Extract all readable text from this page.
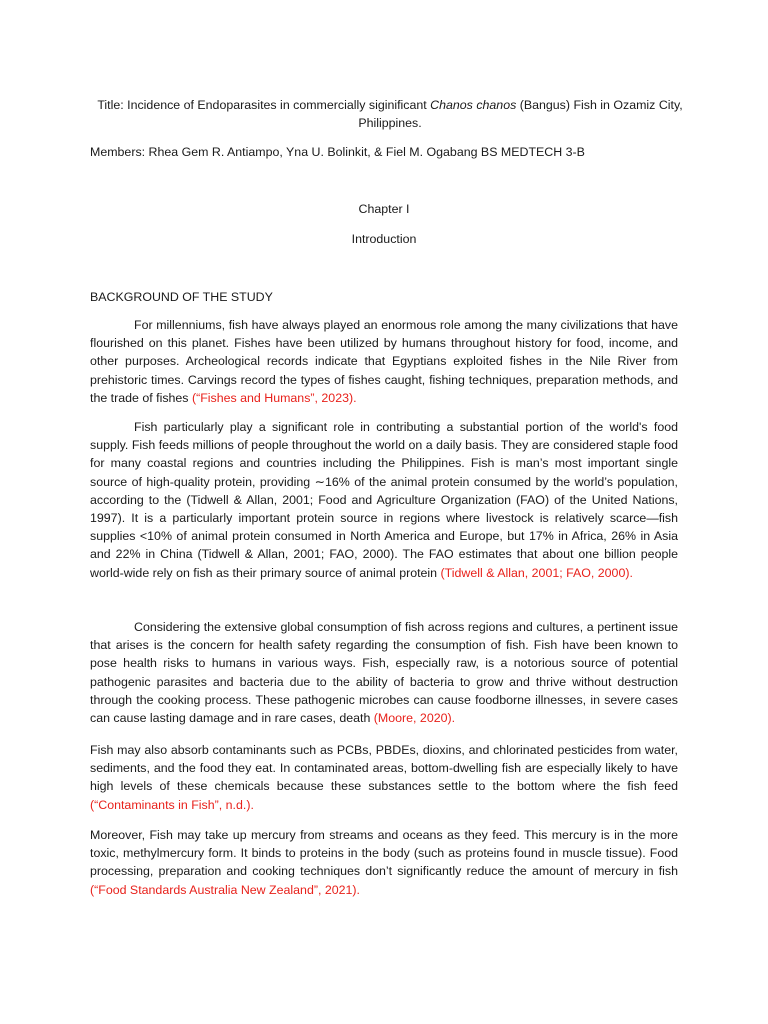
Title: Incidence of Endoparasites in commercially siginificant Chanos chanos (Bangus) Fish in Ozamiz City, Philippines.
Members: Rhea Gem R. Antiampo, Yna U. Bolinkit, & Fiel M. Ogabang BS MEDTECH 3-B
Chapter I
Introduction
BACKGROUND OF THE STUDY

For millenniums, fish have always played an enormous role among the many civilizations that have flourished on this planet. Fishes have been utilized by humans throughout history for food, income, and other purposes. Archeological records indicate that Egyptians exploited fishes in the Nile River from prehistoric times. Carvings record the types of fishes caught, fishing techniques, preparation methods, and the trade of fishes (“Fishes and Humans”, 2023).

Fish particularly play a significant role in contributing a substantial portion of the world's food supply. Fish feeds millions of people throughout the world on a daily basis. They are considered staple food for many coastal regions and countries including the Philippines. Fish is man’s most important single source of high-quality protein, providing ∼16% of the animal protein consumed by the world’s population, according to the (Tidwell & Allan, 2001; Food and Agriculture Organization (FAO) of the United Nations, 1997). It is a particularly important protein source in regions where livestock is relatively scarce—fish supplies <10% of animal protein consumed in North America and Europe, but 17% in Africa, 26% in Asia and 22% in China (Tidwell & Allan, 2001; FAO, 2000). The FAO estimates that about one billion people world-wide rely on fish as their primary source of animal protein (Tidwell & Allan, 2001; FAO, 2000).

Considering the extensive global consumption of fish across regions and cultures, a pertinent issue that arises is the concern for health safety regarding the consumption of fish. Fish have been known to pose health risks to humans in various ways. Fish, especially raw, is a notorious source of potential pathogenic parasites and bacteria due to the ability of bacteria to grow and thrive without destruction through the cooking process. These pathogenic microbes can cause foodborne illnesses, in severe cases can cause lasting damage and in rare cases, death (Moore, 2020).

Fish may also absorb contaminants such as PCBs, PBDEs, dioxins, and chlorinated pesticides from water, sediments, and the food they eat. In contaminated areas, bottom-dwelling fish are especially likely to have high levels of these chemicals because these substances settle to the bottom where the fish feed (“Contaminants in Fish”, n.d.).

Moreover, Fish may take up mercury from streams and oceans as they feed. This mercury is in the more toxic, methylmercury form. It binds to proteins in the body (such as proteins found in muscle tissue). Food processing, preparation and cooking techniques don’t significantly reduce the amount of mercury in fish (“Food Standards Australia New Zealand”, 2021).
